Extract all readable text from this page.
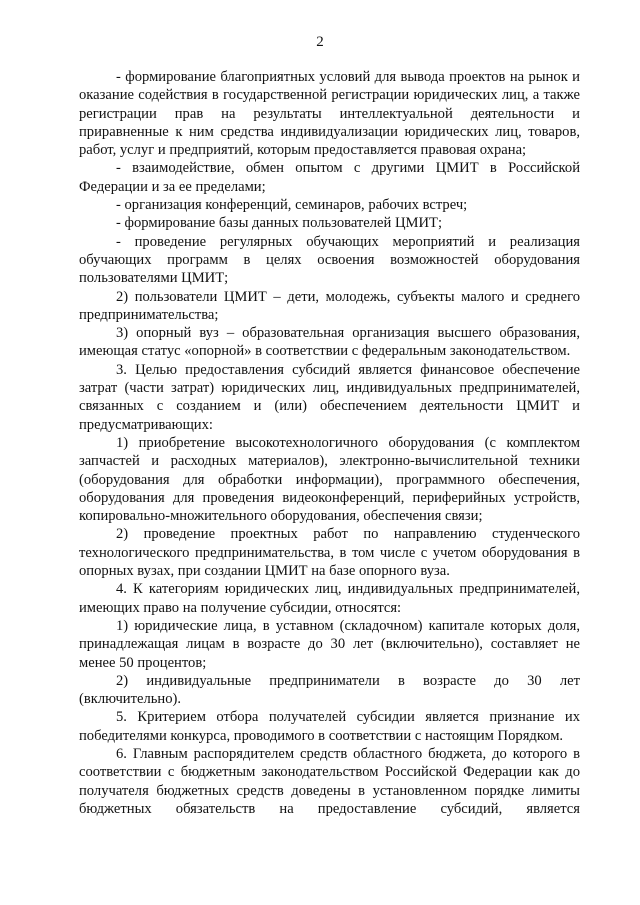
2

- формирование благоприятных условий для вывода проектов на рынок и оказание содействия в государственной регистрации юридических лиц, а также регистрации прав на результаты интеллектуальной деятельности и приравненные к ним средства индивидуализации юридических лиц, товаров, работ, услуг и предприятий, которым предоставляется правовая охрана;

- взаимодействие, обмен опытом с другими ЦМИТ в Российской Федерации и за ее пределами;

- организация конференций, семинаров, рабочих встреч;

- формирование базы данных пользователей ЦМИТ;

- проведение регулярных обучающих мероприятий и реализация обучающих программ в целях освоения возможностей оборудования пользователями ЦМИТ;

2) пользователи ЦМИТ – дети, молодежь, субъекты малого и среднего предпринимательства;

3) опорный вуз – образовательная организация высшего образования, имеющая статус «опорной» в соответствии с федеральным законодательством.

3. Целью предоставления субсидий является финансовое обеспечение затрат (части затрат) юридических лиц, индивидуальных предпринимателей, связанных с созданием и (или) обеспечением деятельности ЦМИТ и предусматривающих:

1) приобретение высокотехнологичного оборудования (с комплектом запчастей и расходных материалов), электронно-вычислительной техники (оборудования для обработки информации), программного обеспечения, оборудования для проведения видеоконференций, периферийных устройств, копировально-множительного оборудования, обеспечения связи;

2) проведение проектных работ по направлению студенческого технологического предпринимательства, в том числе с учетом оборудования в опорных вузах, при создании ЦМИТ на базе опорного вуза.

4. К категориям юридических лиц, индивидуальных предпринимателей, имеющих право на получение субсидии, относятся:

1) юридические лица, в уставном (складочном) капитале которых доля, принадлежащая лицам в возрасте до 30 лет (включительно), составляет не менее 50 процентов;

2) индивидуальные предприниматели в возрасте до 30 лет (включительно).

5. Критерием отбора получателей субсидии является признание их победителями конкурса, проводимого в соответствии с настоящим Порядком.

6. Главным распорядителем средств областного бюджета, до которого в соответствии с бюджетным законодательством Российской Федерации как до получателя бюджетных средств доведены в установленном порядке лимиты бюджетных обязательств на предоставление субсидий, является
